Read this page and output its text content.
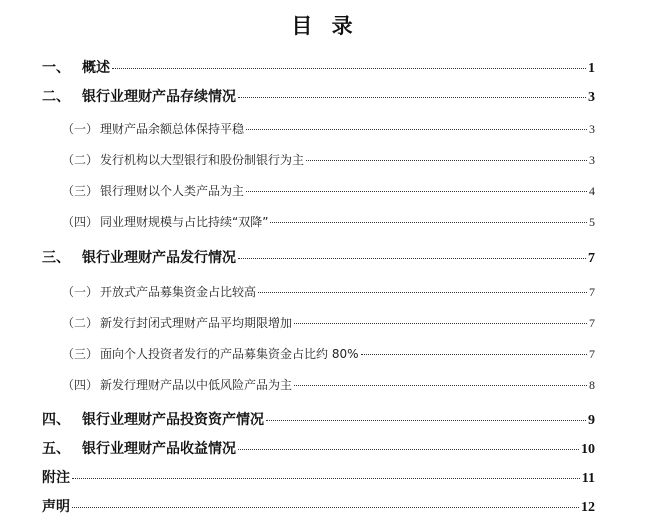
目 录
一、 概述	1
二、 银行业理财产品存续情况	3
（一） 理财产品余额总体保持平稳	3
（二） 发行机构以大型银行和股份制银行为主	3
（三） 银行理财以个人类产品为主	4
（四） 同业理财规模与占比持续“双降”	5
三、 银行业理财产品发行情况	7
（一） 开放式产品募集资金占比较高	7
（二） 新发行封闭式理财产品平均期限增加	7
（三） 面向个人投资者发行的产品募集资金占比约 80%	7
（四） 新发行理财产品以中低风险产品为主	8
四、 银行业理财产品投资资产情况	9
五、 银行业理财产品收益情况	10
附注	11
声明	12
